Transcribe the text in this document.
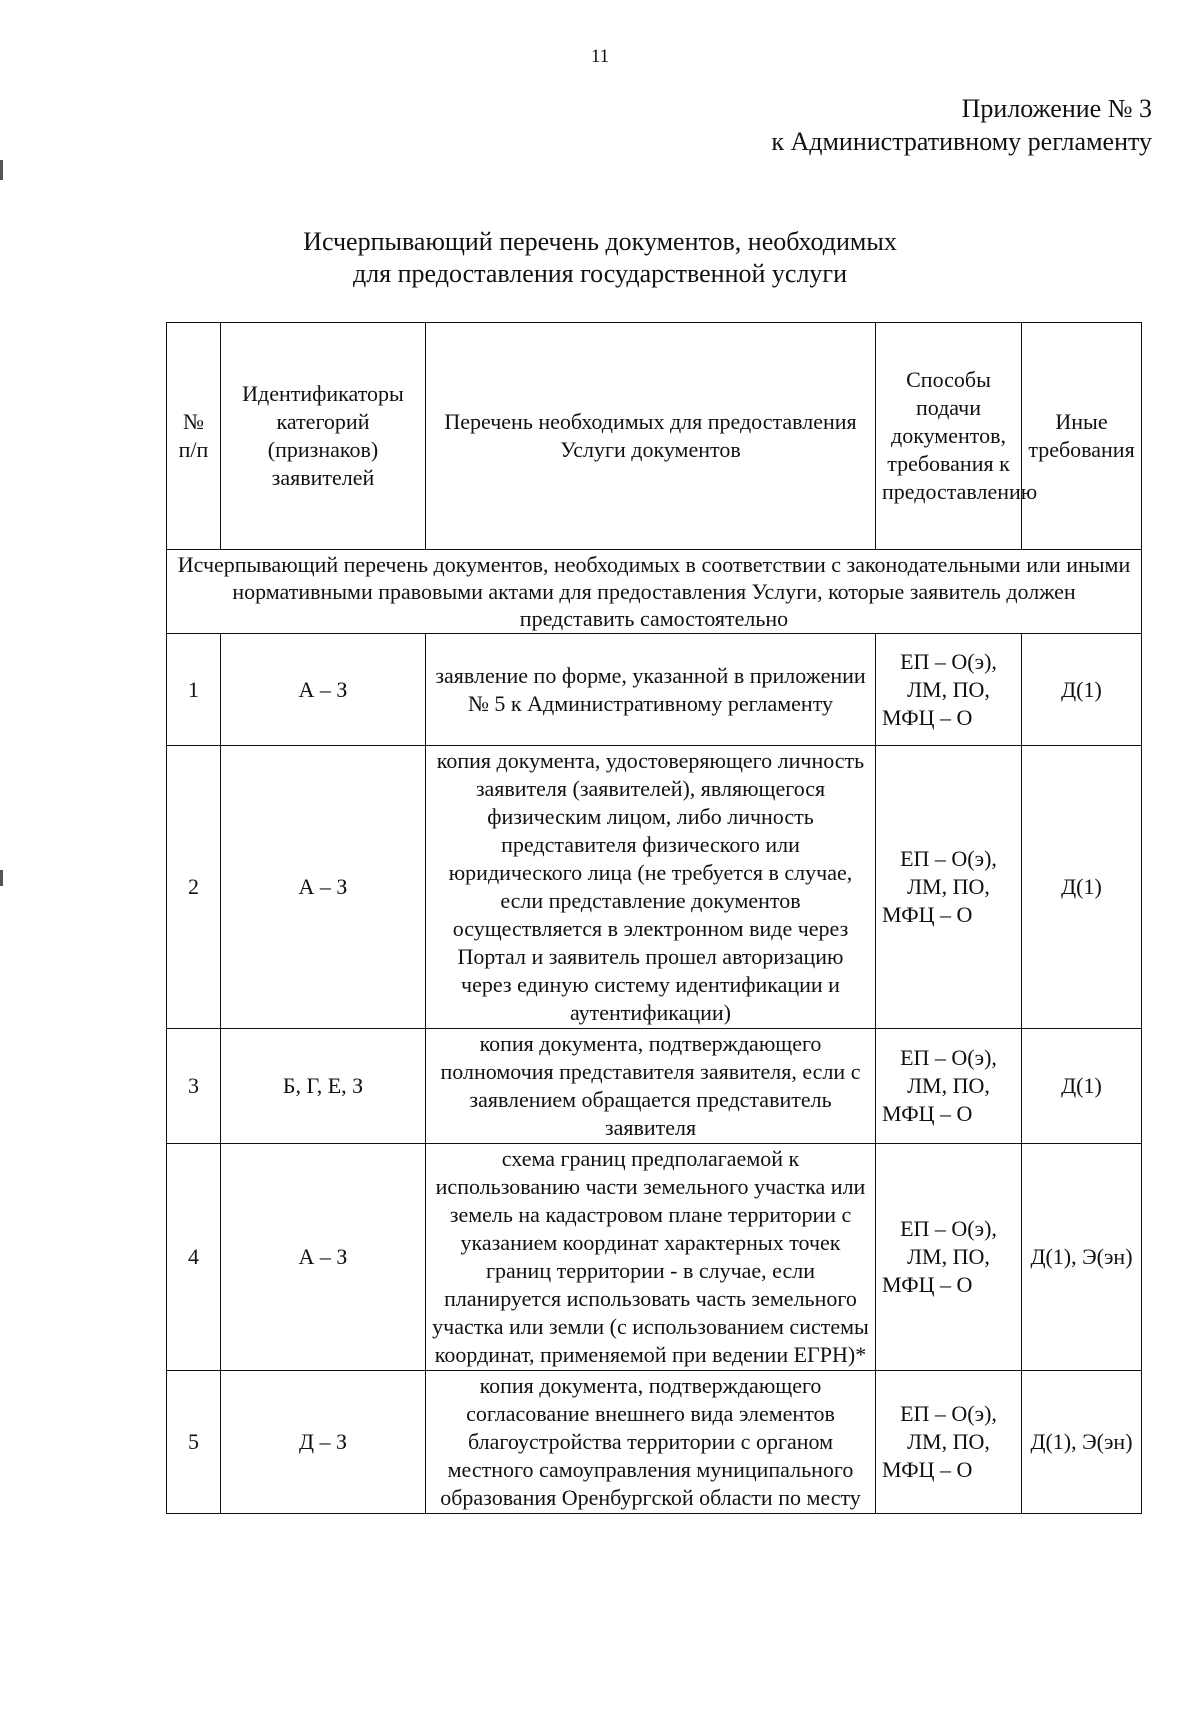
11
Приложение № 3
к Административному регламенту
Исчерпывающий перечень документов, необходимых
для предоставления государственной услуги
№ п/п	Идентификаторы категорий (признаков) заявителей	Перечень необходимых для предоставления Услуги документов	Способы подачи документов, требования к предоставлению	Иные требования
Исчерпывающий перечень документов, необходимых в соответствии с законодательными или иными нормативными правовыми актами для предоставления Услуги, которые заявитель должен представить самостоятельно				
1	А – З	заявление по форме, указанной в приложении № 5 к Административному регламенту	ЕП – О(э), ЛМ, ПО, МФЦ – О	Д(1)
2	А – З	копия документа, удостоверяющего личность заявителя (заявителей), являющегося физическим лицом, либо личность представителя физического или юридического лица (не требуется в случае, если представление документов осуществляется в электронном виде через Портал и заявитель прошел авторизацию через единую систему идентификации и аутентификации)	ЕП – О(э), ЛМ, ПО, МФЦ – О	Д(1)
3	Б, Г, Е, З	копия документа, подтверждающего полномочия представителя заявителя, если с заявлением обращается представитель заявителя	ЕП – О(э), ЛМ, ПО, МФЦ – О	Д(1)
4	А – З	схема границ предполагаемой к использованию части земельного участка или земель на кадастровом плане территории с указанием координат характерных точек границ территории - в случае, если планируется использовать часть земельного участка или земли (с использованием системы координат, применяемой при ведении ЕГРН)*	ЕП – О(э), ЛМ, ПО, МФЦ – О	Д(1), Э(эн)
5	Д – З	копия документа, подтверждающего согласование внешнего вида элементов благоустройства территории с органом местного самоуправления муниципального образования Оренбургской области по месту	ЕП – О(э), ЛМ, ПО, МФЦ – О	Д(1), Э(эн)
